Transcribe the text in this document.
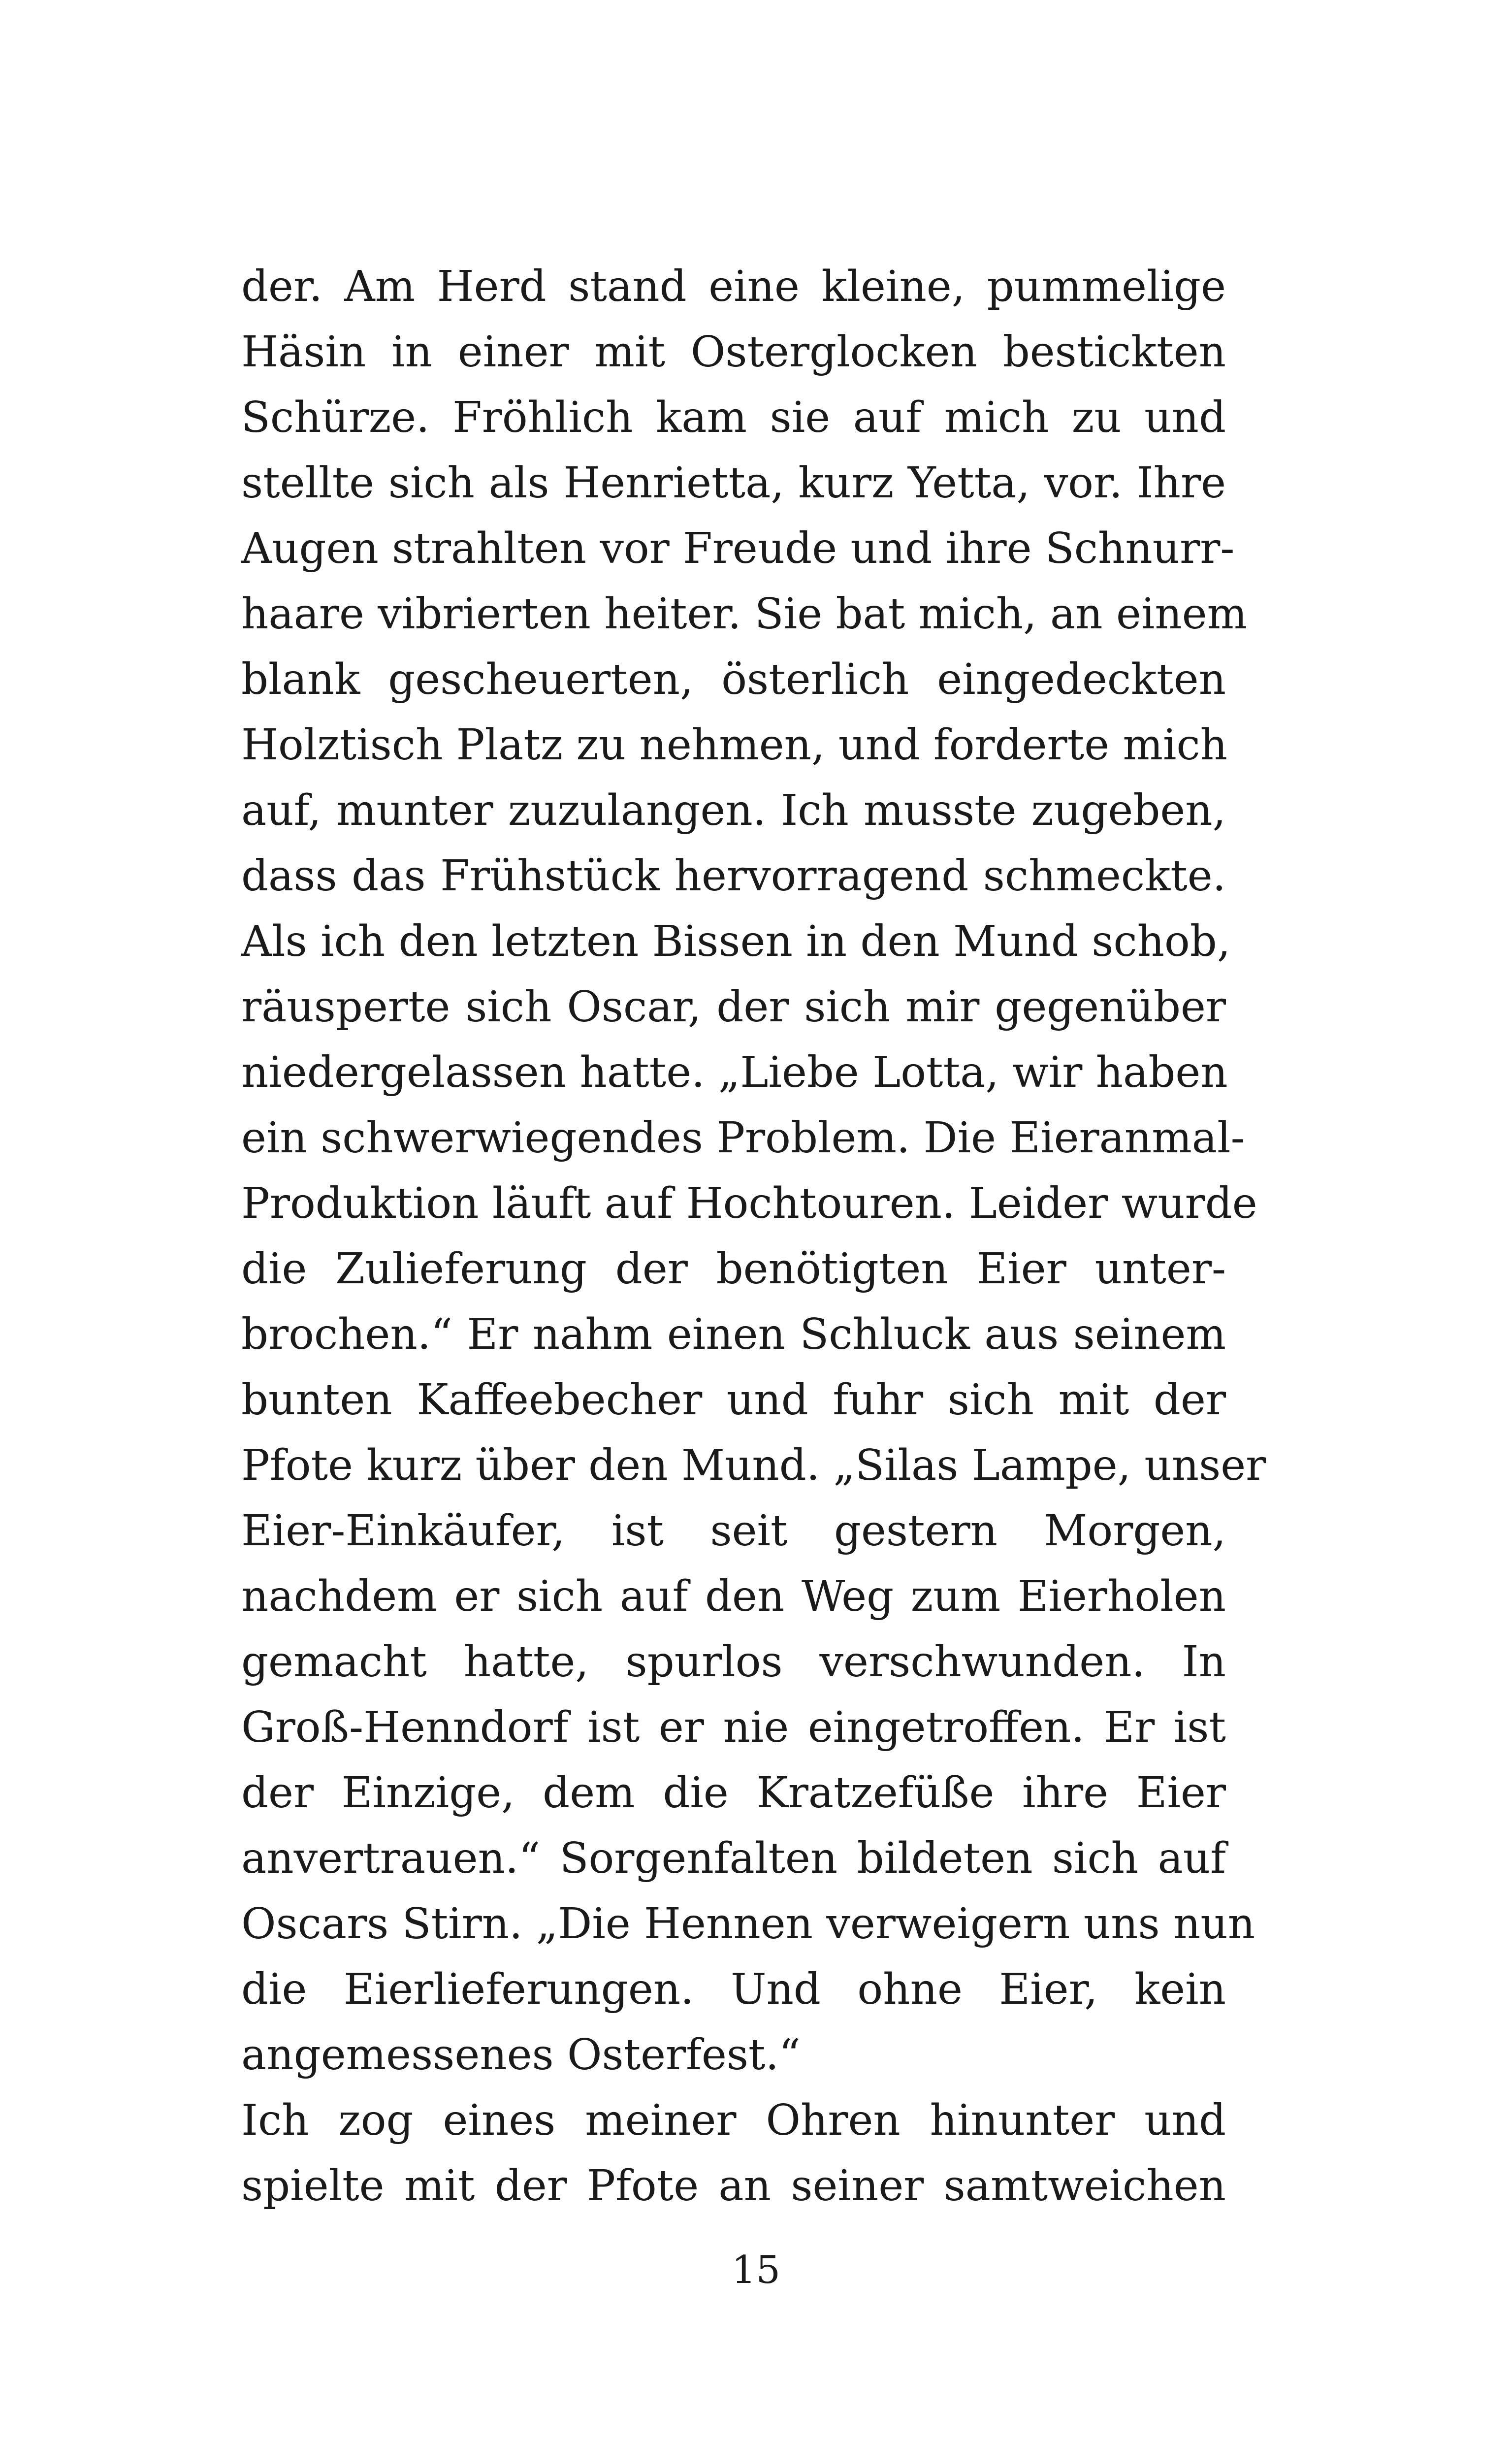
der. Am Herd stand eine kleine, pummelige
Häsin in einer mit Osterglocken bestickten
Schürze. Fröhlich kam sie auf mich zu und
stellte sich als Henrietta, kurz Yetta, vor. Ihre
Augen strahlten vor Freude und ihre Schnurr-
haare vibrierten heiter. Sie bat mich, an einem
blank gescheuerten, österlich eingedeckten
Holztisch Platz zu nehmen, und forderte mich
auf, munter zuzulangen. Ich musste zugeben,
dass das Frühstück hervorragend schmeckte.
Als ich den letzten Bissen in den Mund schob,
räusperte sich Oscar, der sich mir gegenüber
niedergelassen hatte. „Liebe Lotta, wir haben
ein schwerwiegendes Problem. Die Eieranmal-
Produktion läuft auf Hochtouren. Leider wurde
die Zulieferung der benötigten Eier unter-
brochen.“ Er nahm einen Schluck aus seinem
bunten Kaffeebecher und fuhr sich mit der
Pfote kurz über den Mund. „Silas Lampe, unser
Eier-Einkäufer, ist seit gestern Morgen,
nachdem er sich auf den Weg zum Eierholen
gemacht hatte, spurlos verschwunden. In
Groß-Henndorf ist er nie eingetroffen. Er ist
der Einzige, dem die Kratzefüße ihre Eier
anvertrauen.“ Sorgenfalten bildeten sich auf
Oscars Stirn. „Die Hennen verweigern uns nun
die Eierlieferungen. Und ohne Eier, kein
angemessenes Osterfest.“
Ich zog eines meiner Ohren hinunter und
spielte mit der Pfote an seiner samtweichen
15
